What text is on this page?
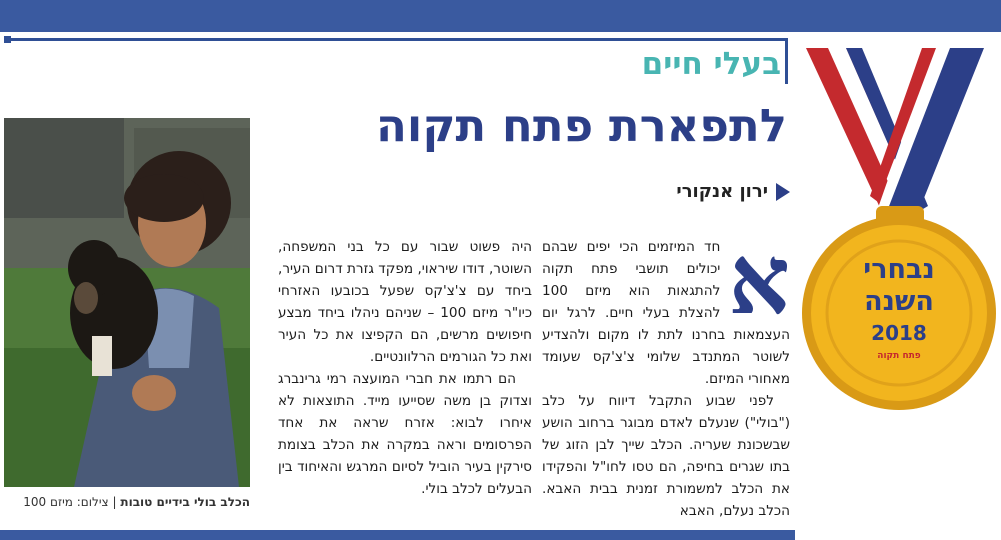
בעלי חיים
לתפארת פתח תקוה
ירון אנקורי

א
חד המיזמים הכי יפים שבהם יכולים תושבי פתח תקוה להתגאות הוא מיזם 100 להצלת בעלי חיים. לרגל יום העצמאות בחרנו לתת לו מקום ולהצדיע לשוטר המתנדב שלומי צ'צ'קס שעומד מאחורי המיזם.

לפני שבוע התקבל דיווח על כלב ("בולי") שנעלם לאדם מבוגר ברחוב הושע שבשכונת שעריה. הכלב שייך לבן הזוג של בתו שגרים בחיפה, הם טסו לחו"ל והפקידו את הכלב למשמורת זמנית בבית האבא. הכלב נעלם, האבא

היה פשוט שבור עם כל בני המשפחה, השוטר, דודו שיראוי, מפקד גזרת דרום העיר, ביחד עם צ'צ'קס שפעל בכובעו האזרחי כיו"ר מיזם 100 – שניהם ניהלו ביחד מבצע חיפושים מרשים, הם הקפיצו את כל העיר ואת כל הגורמים הרלוונטיים.

הם רתמו את חברי המועצה רמי גרינברג וצדוק בן משה שסייעו מייד. התוצאות לא איחרו לבוא: אזרח שראה את אחד הפרסומים וראה במקרה את הכלב בצומת סירקין בעיר הוביל לסיום המרגש והאיחוד בין הבעלים לכלב בולי.

הכלב בולי בידיים טובות | צילום: מיזם 100
נבחרי
השנה
2018
פתח תקוה
